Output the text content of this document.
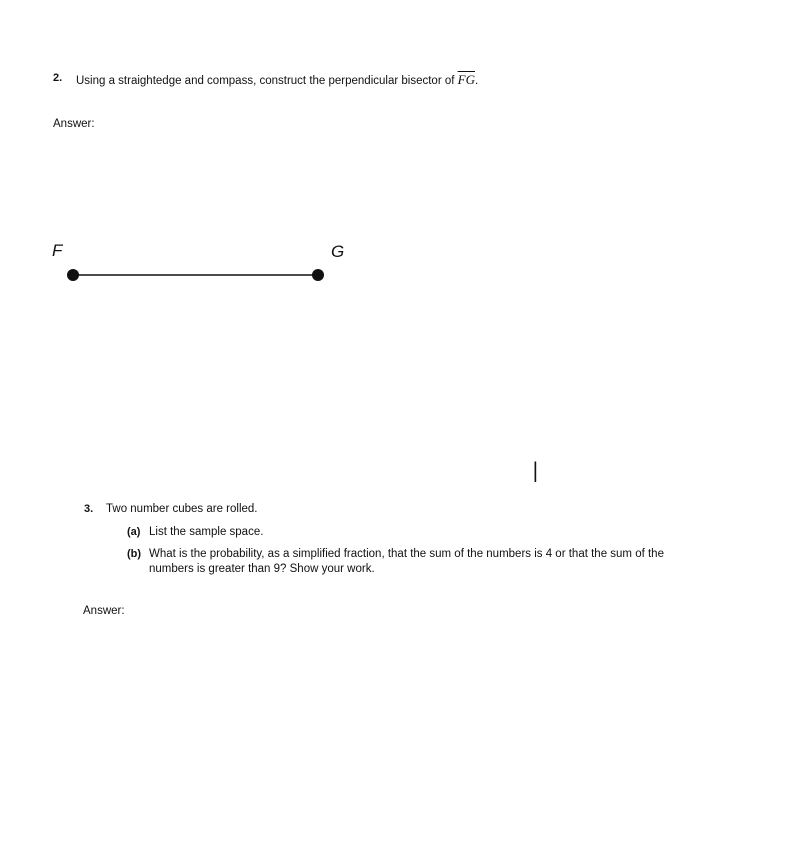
2. Using a straightedge and compass, construct the perpendicular bisector of $\overline{FG}$.
Answer:
F	G
|
3. Two number cubes are rolled.
(a) List the sample space.
(b) What is the probability, as a simplified fraction, that the sum of the numbers is 4 or that the sum of the
numbers is greater than 9? Show your work.
Answer:
